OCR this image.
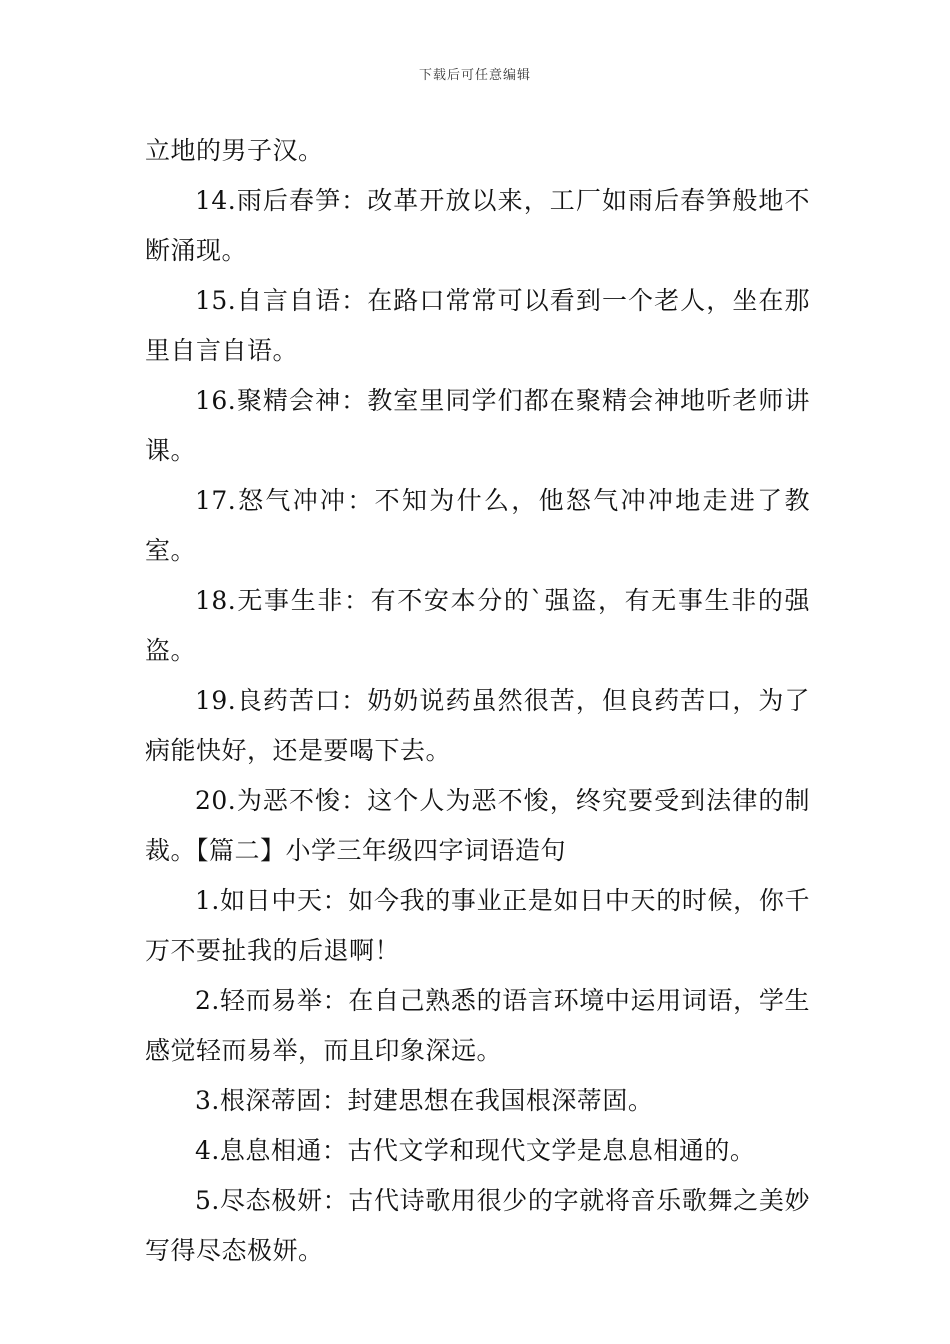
下载后可任意编辑

立地的男子汉。

14.雨后春笋：改革开放以来，工厂如雨后春笋般地不断涌现。

15.自言自语：在路口常常可以看到一个老人，坐在那里自言自语。

16.聚精会神：教室里同学们都在聚精会神地听老师讲课。

17.怒气冲冲：不知为什么，他怒气冲冲地走进了教室。

18.无事生非：有不安本分的`强盗，有无事生非的强盗。

19.良药苦口：奶奶说药虽然很苦，但良药苦口，为了病能快好，还是要喝下去。

20.为恶不悛：这个人为恶不悛，终究要受到法律的制裁。【篇二】小学三年级四字词语造句

1.如日中天：如今我的事业正是如日中天的时候，你千万不要扯我的后退啊！

2.轻而易举：在自己熟悉的语言环境中运用词语，学生感觉轻而易举，而且印象深远。

3.根深蒂固：封建思想在我国根深蒂固。

4.息息相通：古代文学和现代文学是息息相通的。

5.尽态极妍：古代诗歌用很少的字就将音乐歌舞之美妙写得尽态极妍。
